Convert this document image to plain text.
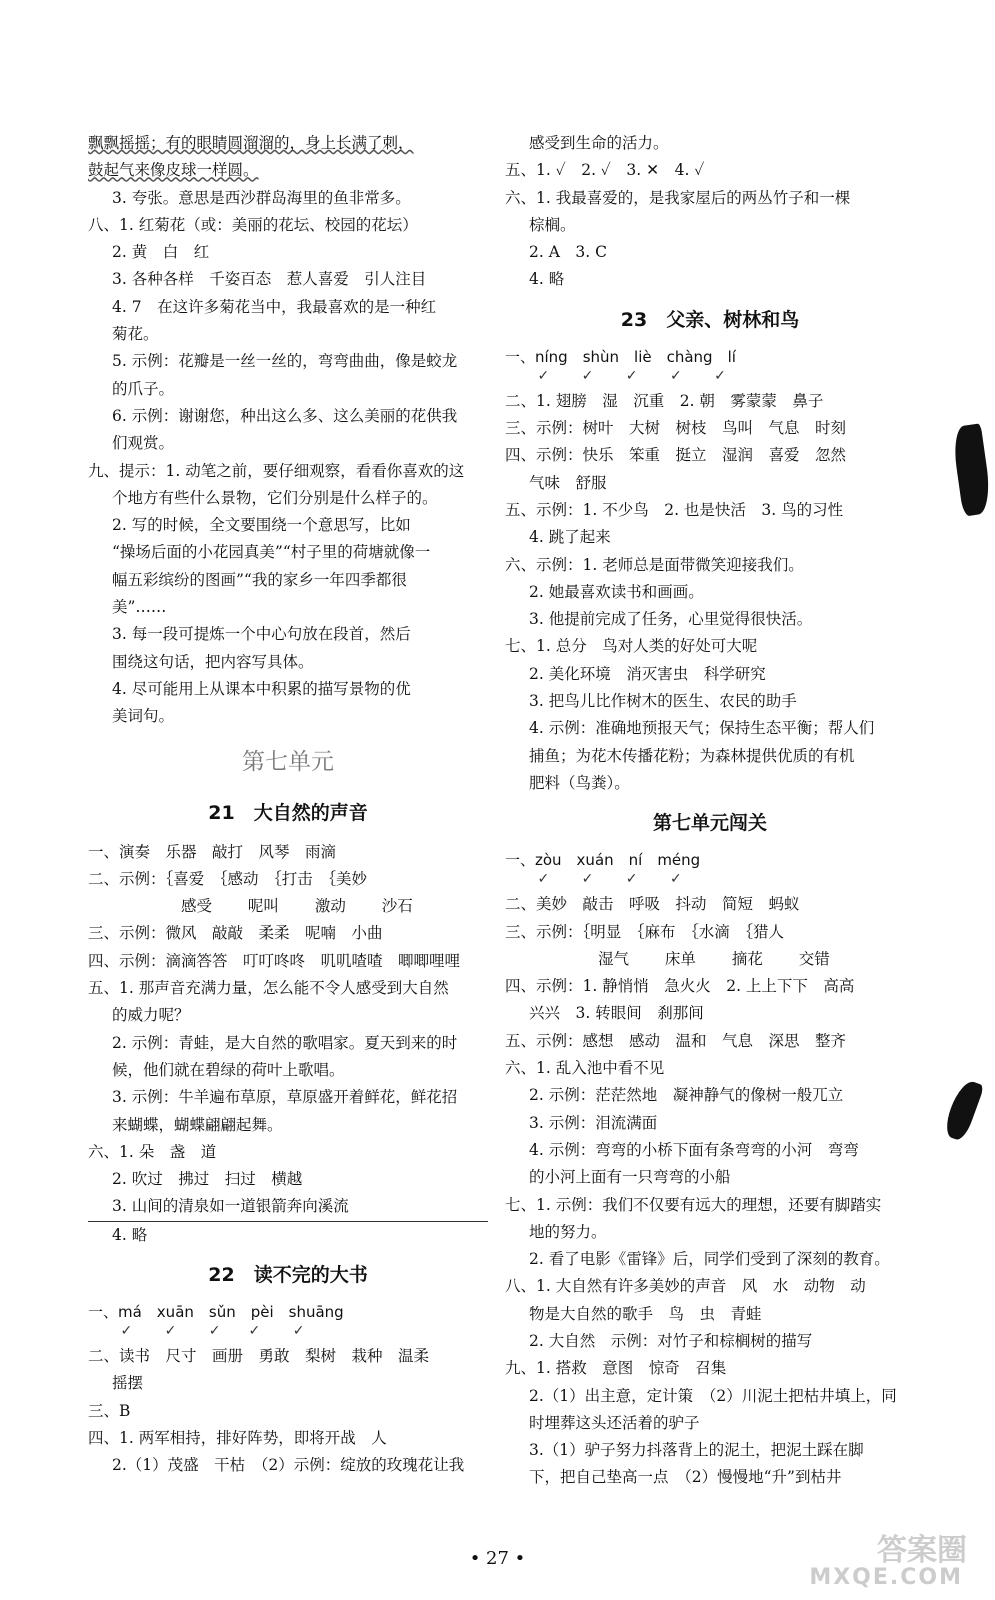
飘飘摇摇；有的眼睛圆溜溜的，身上长满了刺，
鼓起气来像皮球一样圆。
3. 夸张。意思是西沙群岛海里的鱼非常多。
八、1. 红菊花（或：美丽的花坛、校园的花坛）
2. 黄　白　红
3. 各种各样　千姿百态　惹人喜爱　引人注目
4. 7　在这许多菊花当中，我最喜欢的是一种红
菊花。
5. 示例：花瓣是一丝一丝的，弯弯曲曲，像是蛟龙
的爪子。
6. 示例：谢谢您，种出这么多、这么美丽的花供我
们观赏。
九、提示：1. 动笔之前，要仔细观察，看看你喜欢的这
个地方有些什么景物，它们分别是什么样子的。
2. 写的时候，全文要围绕一个意思写，比如
“操场后面的小花园真美”“村子里的荷塘就像一
幅五彩缤纷的图画”“我的家乡一年四季都很
美”……
3. 每一段可提炼一个中心句放在段首，然后
围绕这句话，把内容写具体。
4. 尽可能用上从课本中积累的描写景物的优
美词句。
第七单元
21　大自然的声音
一、演奏　乐器　敲打　风琴　雨滴
二、示例：｛喜爱　｛感动　｛打击　｛美妙
　　　　　　感受　　 呢叫　　 激动　　 沙石
三、示例：微风　敲敲　柔柔　呢喃　小曲
四、示例：滴滴答答　叮叮咚咚　叽叽喳喳　唧唧哩哩
五、1. 那声音充满力量，怎么能不令人感受到大自然
的威力呢？
2. 示例：青蛙，是大自然的歌唱家。夏天到来的时
候，他们就在碧绿的荷叶上歌唱。
3. 示例：牛羊遍布草原，草原盛开着鲜花，鲜花招
来蝴蝶，蝴蝶翩翩起舞。
六、1. 朵　盏　道
2. 吹过　拂过　扫过　横越
3. 山间的清泉如一道银箭奔向溪流
4. 略
22　读不完的大书
一、má　xuān　sǔn　pèi　shuāng
　　 ✓　　 ✓　　 ✓　　✓　　 ✓
二、读书　尺寸　画册　勇敢　梨树　栽种　温柔
摇摆
三、B
四、1. 两军相持，排好阵势，即将开战　人
2.（1）茂盛　干枯　（2）示例：绽放的玫瑰花让我
感受到生命的活力。
五、1. ✓　2. ✓　3. ✕　4. ✓
六、1. 我最喜爱的，是我家屋后的两丛竹子和一棵
棕榈。
2. A　3. C
4. 略
23　父亲、树林和鸟
一、níng　shùn　liè　chàng　lí
　　 ✓　　 ✓　　 ✓　　 ✓　　 ✓
二、1. 翅膀　湿　沉重　2. 朝　雾蒙蒙　鼻子
三、示例：树叶　大树　树枝　鸟叫　气息　时刻
四、示例：快乐　笨重　挺立　湿润　喜爱　忽然
气味　舒服
五、示例：1. 不少鸟　2. 也是快活　3. 鸟的习性
4. 跳了起来
六、示例：1. 老师总是面带微笑迎接我们。
2. 她最喜欢读书和画画。
3. 他提前完成了任务，心里觉得很快活。
七、1. 总分　鸟对人类的好处可大呢
2. 美化环境　消灭害虫　科学研究
3. 把鸟儿比作树木的医生、农民的助手
4. 示例：准确地预报天气；保持生态平衡；帮人们
捕鱼；为花木传播花粉；为森林提供优质的有机
肥料（鸟粪）。
第七单元闯关
一、zòu　xuán　ní　méng
　　 ✓　　 ✓　　 ✓　　 ✓
二、美妙　敲击　呼吸　抖动　简短　蚂蚁
三、示例：｛明显　｛麻布　｛水滴　｛猎人
　　　　　　湿气　　 床单　　 摘花　　 交错
四、示例：1. 静悄悄　急火火　2. 上上下下　高高
兴兴　3. 转眼间　刹那间
五、示例：感想　感动　温和　气息　深思　整齐
六、1. 乱入池中看不见
2. 示例：茫茫然地　凝神静气的像树一般兀立
3. 示例：泪流满面
4. 示例：弯弯的小桥下面有条弯弯的小河　弯弯
的小河上面有一只弯弯的小船
七、1. 示例：我们不仅要有远大的理想，还要有脚踏实
地的努力。
2. 看了电影《雷锋》后，同学们受到了深刻的教育。
八、1. 大自然有许多美妙的声音　风　水　动物　动
物是大自然的歌手　鸟　虫　青蛙
2. 大自然　示例：对竹子和棕榈树的描写
九、1. 搭救　意图　惊奇　召集
2.（1）出主意，定计策　（2）川泥土把枯井填上，同
时埋葬这头还活着的驴子
3.（1）驴子努力抖落背上的泥土，把泥土踩在脚
下，把自己垫高一点　（2）慢慢地“升”到枯井
• 27 •	答案圈
MXQE.COM
